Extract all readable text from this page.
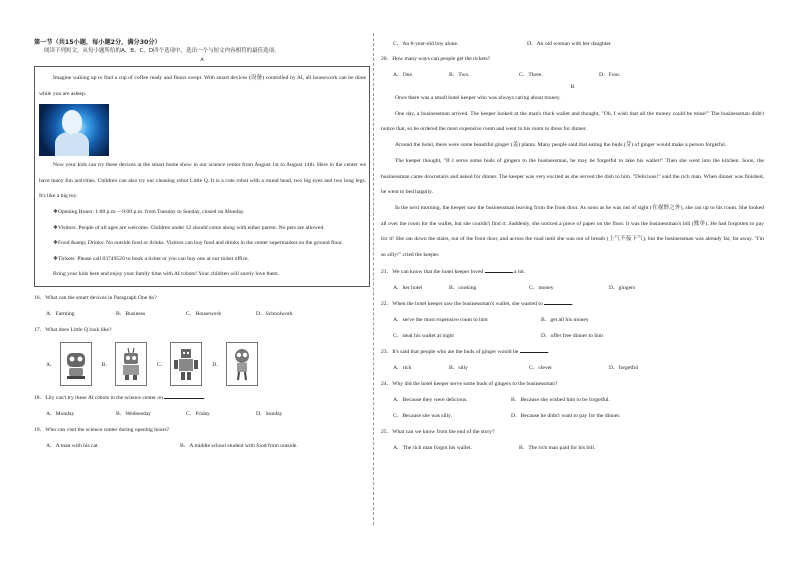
第一节（共15小题，每小题2分，满分30分）
阅读下列短文，从每小题所给的A、B、C、D四个选项中，选出一个与短文内容相符的最佳选项。
A

Imagine waking up to find a cup of coffee ready and floors swept. With smart devices (设备) controlled by AI, all housework can be done while you are asleep.

Now your kids can try these devices at the smart home show in our science center from August 1st to August 14th. Here in the center we have many fun activities. Children can also try our cleaning robot Little Q. It is a cute robot with a round head, two big eyes and two long legs. It's like a big toy.

❖Opening Hours: 1:00 p.m.—9:00 p.m. from Tuesday to Sunday, closed on Monday.

❖Visitors: People of all ages are welcome. Children under 12 should come along with either parent. No pets are allowed.

❖Food &amp; Drinks: No outside food or drinks. Visitors can buy food and drinks in the center supermarket on the ground floor.

❖Tickets: Please call 83749520 to book a ticket or you can buy one at our ticket office.

Bring your kids here and enjoy your family time with AI robots! Your children will surely love them.

16．What can the smart devices in Paragraph One do?

A．Farming	B．Business	C．Housework	D．Schoolwork

17．What does Little Q look like?

A．	B．	C．	D．

18．Lily can't try these AI robots in the science center on	.

A．Monday	B．Wednesday	C．Friday	D．Sunday

19．Who can visit the science center during opening hours?

A．A man with his cat.	B．A middle school student with food from outside.
C．An 8-year-old boy alone.	D．An old woman with her daughter.

20．How many ways can people get the tickets?

A．One.	B．Two.	C．Three.	D．Four.
B

Once there was a small hotel keeper who was always caring about money.

One day, a businessman arrived. The keeper looked at the man's thick wallet and thought, "Oh, I wish that all the money could be mine!" The businessman didn't notice that, so he ordered the most expensive room and went to his room to dress for dinner.

Around the hotel, there were some beautiful ginger (姜) plants. Many people said that eating the buds (芽) of ginger would make a person forgetful.

The keeper thought, "If I serve some buds of gingers to the businessman, he may be forgetful to take his wallet!" Then she went into the kitchen. Soon, the businessman came downstairs and asked for dinner. The keeper was very excited as she served the dish to him. "Delicious!" said the rich man. When dinner was finished, he went to bed happily.

In the next morning, the keeper saw the businessman leaving from the front door. As soon as he was out of sight (在视野之外), she ran up to his room. She looked all over the room for the wallet, but she couldn't find it. Suddenly, she noticed a piece of paper on the floor. It was the businessman's bill (账单). He had forgotten to pay for it! She ran down the stairs, out of the front door, and across the road until she was out of breath (上气不接下气), but the businessman was already far, far away. "I'm so silly!" cried the keeper.

21．We can know that the hotel keeper loved	a lot.

A．her hotel	B．cooking	C．money	D．gingers

22．When the hotel keeper saw the businessman's wallet, she wanted to	.

A．serve the most expensive room to him	B．get all his money
C．steal his wallet at night	D．offer free dinner to him

23．It's said that people who ate the buds of ginger would be	.

A．rich	B．silly	C．clever	D．forgetful

24．Why did the hotel keeper serve some buds of gingers to the businessman?

A．Because they were delicious.	B．Because she wished him to be forgetful.
C．Because she was silly.	D．Because he didn't want to pay for the dinner.

25．What can we know from the end of the story?

A．The rich man forgot his wallet.	B．The rich man paid for his bill.
